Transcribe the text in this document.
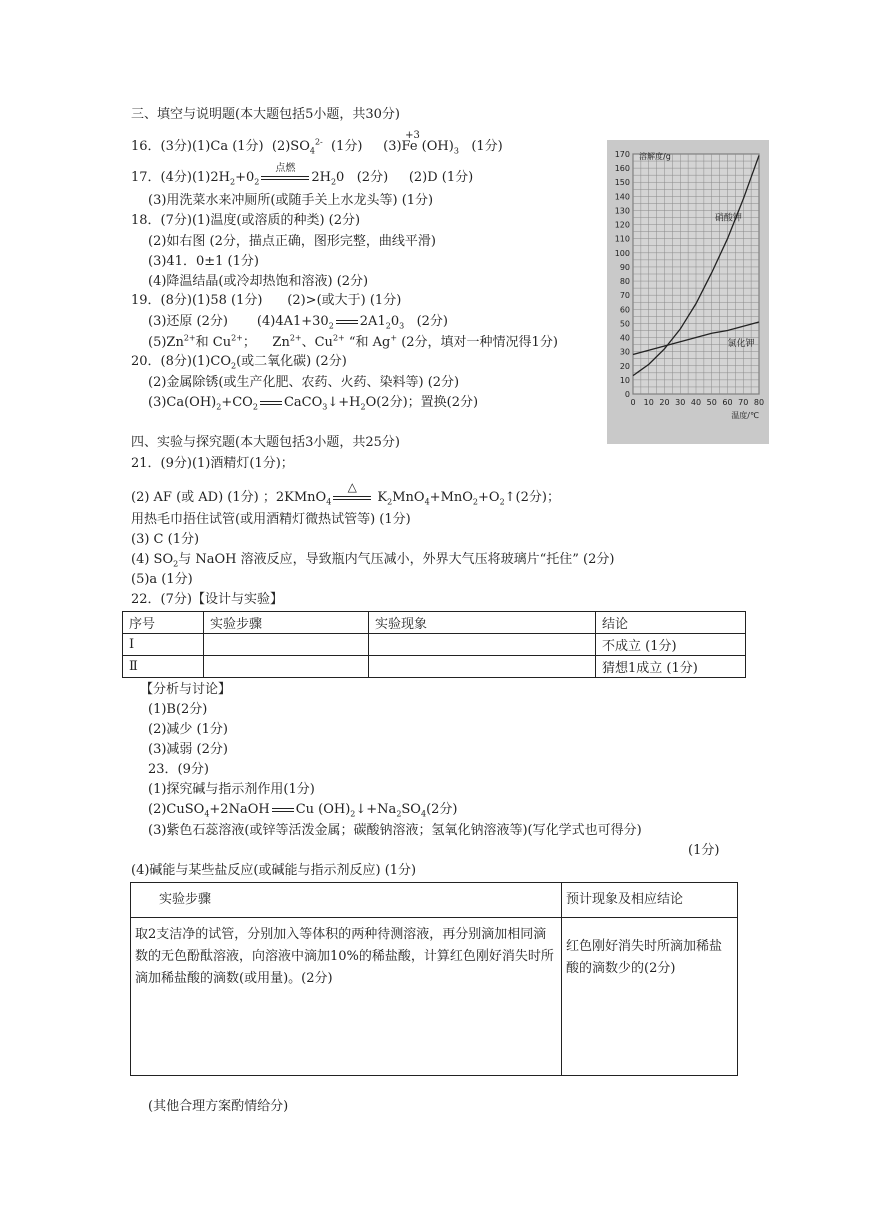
三、填空与说明题(本大题包括5小题，共30分)
16．(3分)(1)Ca (1分) $(2)SO_4^{2-}$ (1分)
+3
(3)Fe $(OH)_3$ (1分)
17．(4分)$(1)2H_2+0_2$
点燃
$2H_20$ (2分) (2)D (1分)
(3)用洗菜水来冲厕所(或随手关上水龙头等) (1分)
18．(7分)(1)温度(或溶质的种类) (2分)
(2)如右图 (2分，描点正确，图形完整，曲线平滑)
(3)41．0±1 (1分)
(4)降温结晶(或冷却热饱和溶液) (2分)
19．(8分)(1)58 (1分) (2)>(或大于) (1分)
(3)还原 (2分) $(4)4A1+30_2$ $2A1_20_3$ (2分)
$(5)Zn^{2+}$和 $Cu^{2+}$；    $Zn^{2+}$、$Cu^{2+}$ “和 Ag+ (2分，填对一种情况得1分)
20．(8分)$(1)CO_2$(或二氧化碳) (2分)
(2)金属除锈(或生产化肥、农药、火药、染料等) (2分)
$(3)Ca(OH)_2+CO_2$ $CaCO_3↓+H_2O(2$分)；置换(2分)
0
10
20
30
40
50
60
70
80
90
100
110
120
130
140
150
160
170
0 10 20 30 40 50 60 70 80
溶解度/g
温度/℃
硝酸钾
氯化钾
四、实验与探究题(本大题包括3小题，共25分)
21．(9分)(1)酒精灯(1分)；
(2) AF (或 AD) (1分) ；2KMnO$_4$
△
$K_2MnO_4+MnO_2+O_2↑(2$分)；
用热毛巾捂住试管(或用酒精灯微热试管等) (1分)
(3) C (1分)
(4) $SO_2$与 NaOH 溶液反应，导致瓶内气压减小，外界大气压将玻璃片“托住” (2分)
(5)a (1分)
22．(7分)【设计与实验】
序号	实验步骤	实验现象	结论
Ⅰ			不成立 (1分)
Ⅱ			猜想1成立 (1分)
【分析与讨论】
(1)B(2分)
(2)减少 (1分)
(3)减弱 (2分)
23．(9分)
(1)探究碱与指示剂作用(1分)
(2)CuSO$_4$+2NaOH Cu $(OH)_2↓+Na_2SO_4(2$分)
(3)紫色石蕊溶液(或锌等活泼金属；碳酸钠溶液；氢氧化钠溶液等)(写化学式也可得分)
(1分)
(4)碱能与某些盐反应(或碱能与指示剂反应) (1分)
实验步骤	预计现象及相应结论
取2支洁净的试管，分别加入等体积的两种待测溶液，再分别滴加相同滴数的无色酚酞溶液，向溶液中滴加10%的稀盐酸，计算红色刚好消失时所滴加稀盐酸的滴数(或用量)。(2分)	红色刚好消失时所滴加稀盐酸的滴数少的(2分)
(其他合理方案酌情给分)
